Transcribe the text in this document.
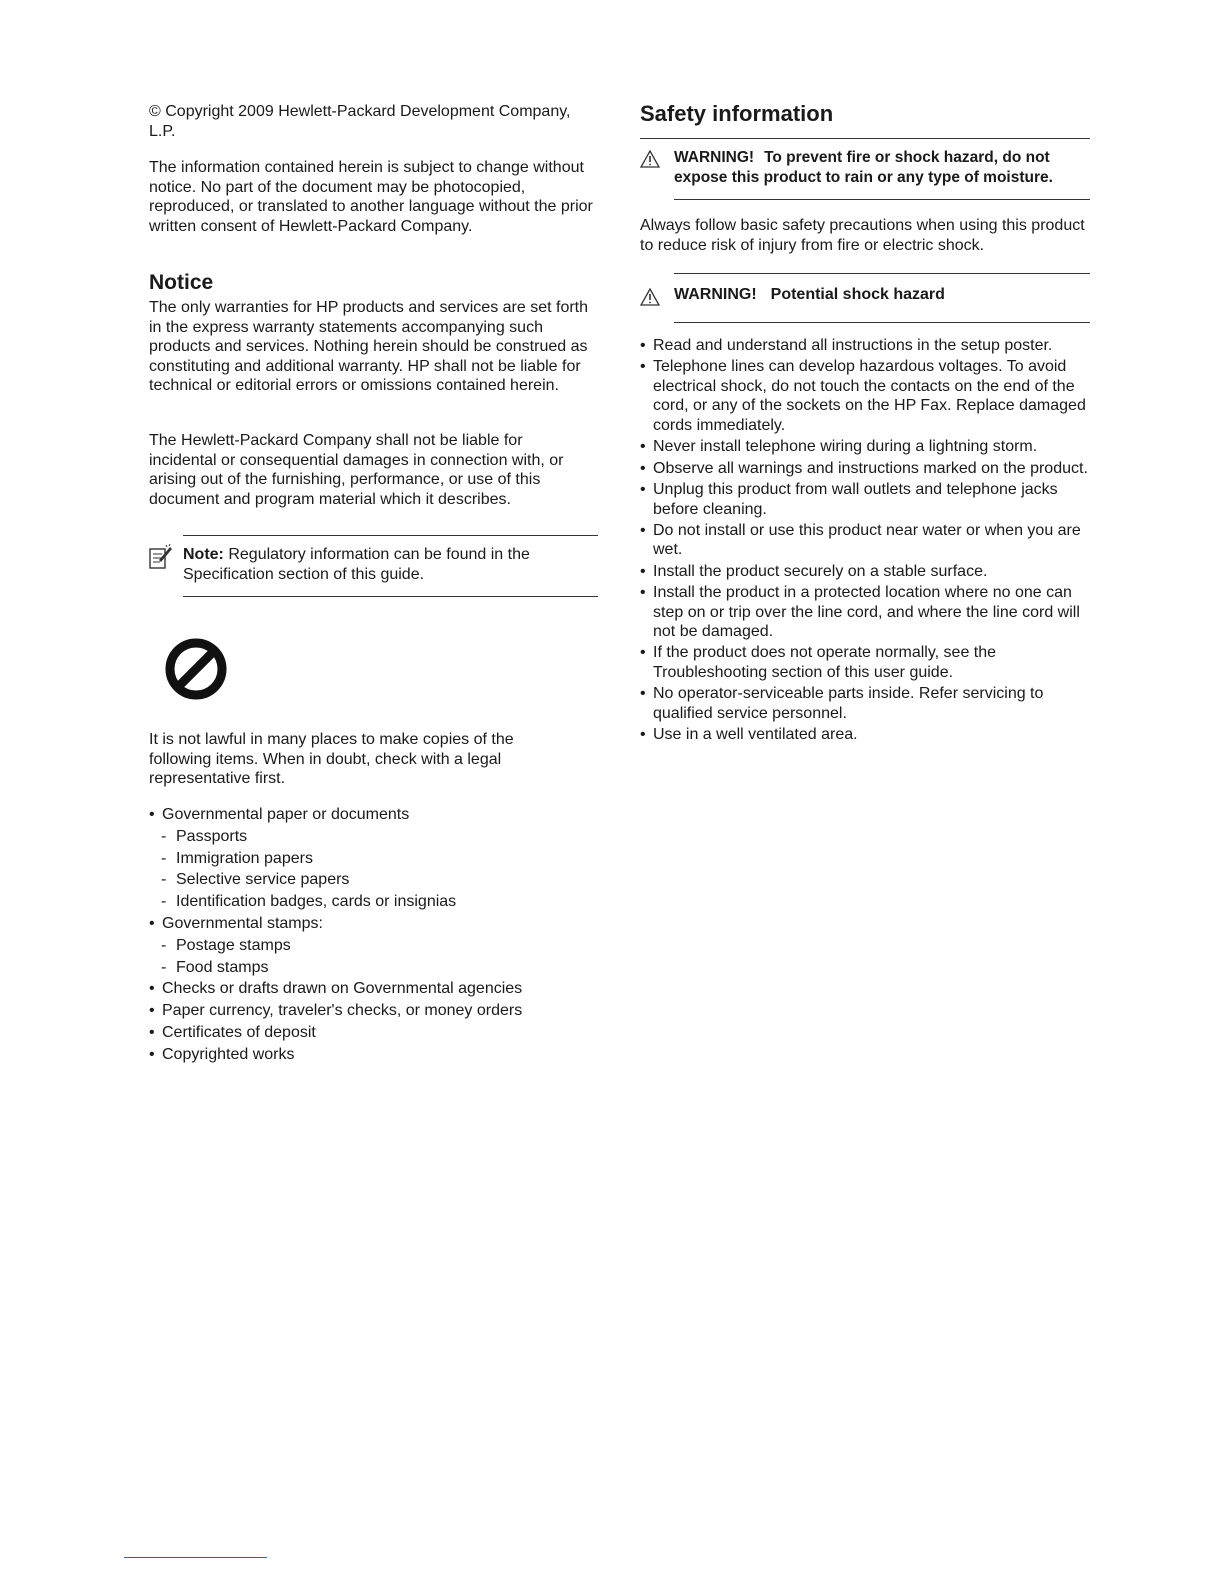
© Copyright 2009 Hewlett-Packard Development Company, L.P.

The information contained herein is subject to change without notice. No part of the document may be photocopied, reproduced, or translated to another language without the prior written consent of Hewlett-Packard Company.

Notice

The only warranties for HP products and services are set forth in the express warranty statements accompanying such products and services. Nothing herein should be construed as constituting and additional warranty. HP shall not be liable for technical or editorial errors or omissions contained herein.

The Hewlett-Packard Company shall not be liable for incidental or consequential damages in connection with, or arising out of the furnishing, performance, or use of this document and program material which it describes.

Note: Regulatory information can be found in the Specification section of this guide.

It is not lawful in many places to make copies of the following items. When in doubt, check with a legal representative first.

• Governmental paper or documents
- Passports
- Immigration papers
- Selective service papers
- Identification badges, cards or insignias
• Governmental stamps:
- Postage stamps
- Food stamps
• Checks or drafts drawn on Governmental agencies
• Paper currency, traveler's checks, or money orders
• Certificates of deposit
• Copyrighted works
Safety information
WARNING! To prevent fire or shock hazard, do not expose this product to rain or any type of moisture.

Always follow basic safety precautions when using this product to reduce risk of injury from fire or electric shock.

WARNING! Potential shock hazard
• Read and understand all instructions in the setup poster.
• Telephone lines can develop hazardous voltages. To avoid electrical shock, do not touch the contacts on the end of the cord, or any of the sockets on the HP Fax. Replace damaged cords immediately.
• Never install telephone wiring during a lightning storm.
• Observe all warnings and instructions marked on the product.
• Unplug this product from wall outlets and telephone jacks before cleaning.
• Do not install or use this product near water or when you are wet.
• Install the product securely on a stable surface.
• Install the product in a protected location where no one can step on or trip over the line cord, and where the line cord will not be damaged.
• If the product does not operate normally, see the Troubleshooting section of this user guide.
• No operator-serviceable parts inside. Refer servicing to qualified service personnel.
• Use in a well ventilated area.
